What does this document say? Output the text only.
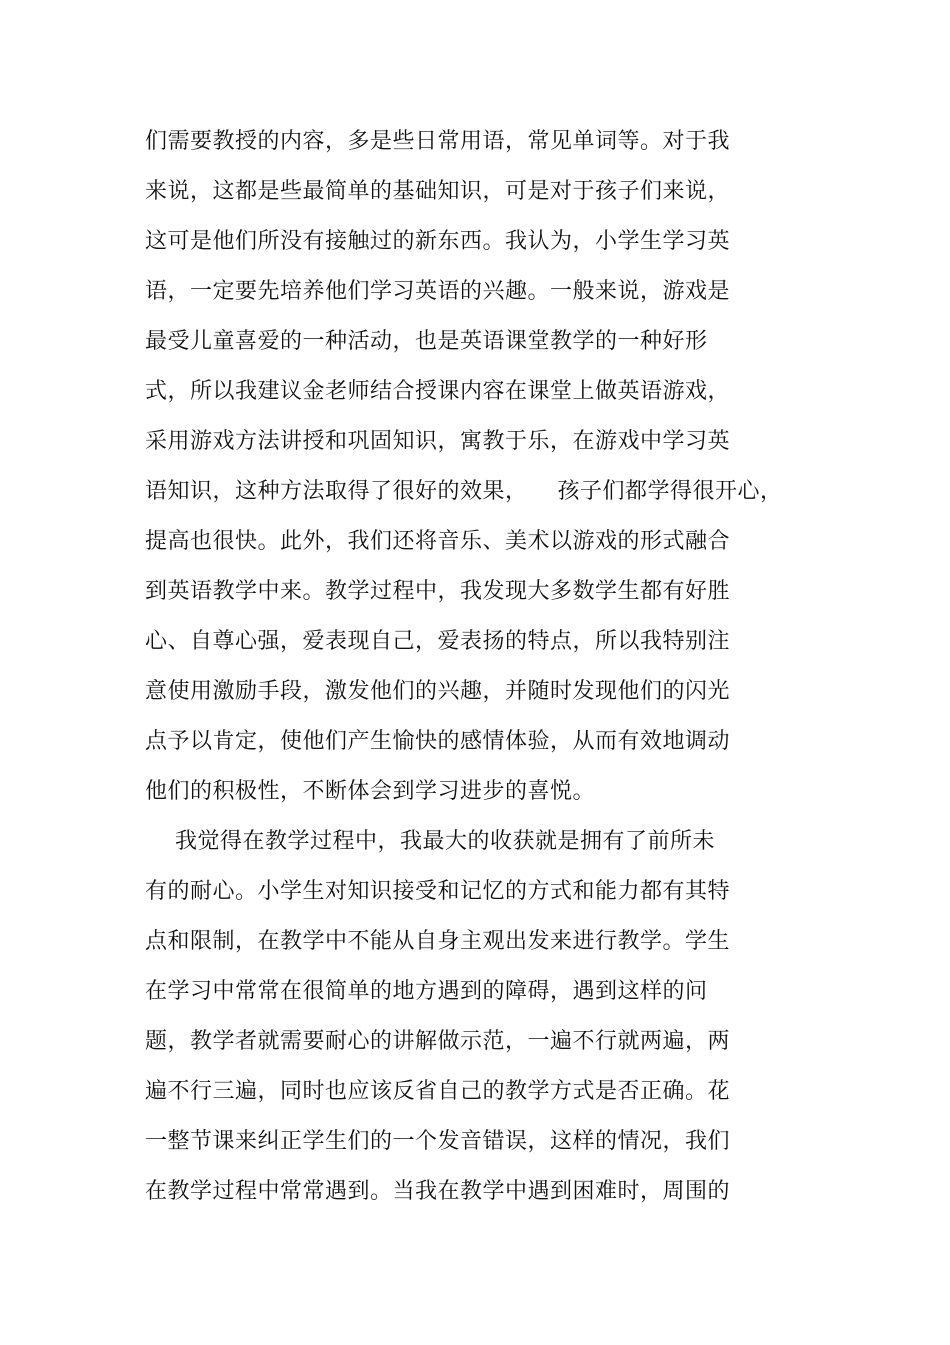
们需要教授的内容，多是些日常用语，常见单词等。对于我
来说，这都是些最简单的基础知识，可是对于孩子们来说，
这可是他们所没有接触过的新东西。我认为，小学生学习英
语，一定要先培养他们学习英语的兴趣。一般来说，游戏是
最受儿童喜爱的一种活动，也是英语课堂教学的一种好形
式，所以我建议金老师结合授课内容在课堂上做英语游戏，
采用游戏方法讲授和巩固知识，寓教于乐，在游戏中学习英
语知识，这种方法取得了很好的效果，    孩子们都学得很开心，
提高也很快。此外，我们还将音乐、美术以游戏的形式融合
到英语教学中来。教学过程中，我发现大多数学生都有好胜
心、自尊心强，爱表现自己，爱表扬的特点，所以我特别注
意使用激励手段，激发他们的兴趣，并随时发现他们的闪光
点予以肯定，使他们产生愉快的感情体验，从而有效地调动
他们的积极性，不断体会到学习进步的喜悦。
我觉得在教学过程中，我最大的收获就是拥有了前所未
有的耐心。小学生对知识接受和记忆的方式和能力都有其特
点和限制，在教学中不能从自身主观出发来进行教学。学生
在学习中常常在很简单的地方遇到的障碍，遇到这样的问
题，教学者就需要耐心的讲解做示范，一遍不行就两遍，两
遍不行三遍，同时也应该反省自己的教学方式是否正确。花
一整节课来纠正学生们的一个发音错误，这样的情况，我们
在教学过程中常常遇到。当我在教学中遇到困难时，周围的
